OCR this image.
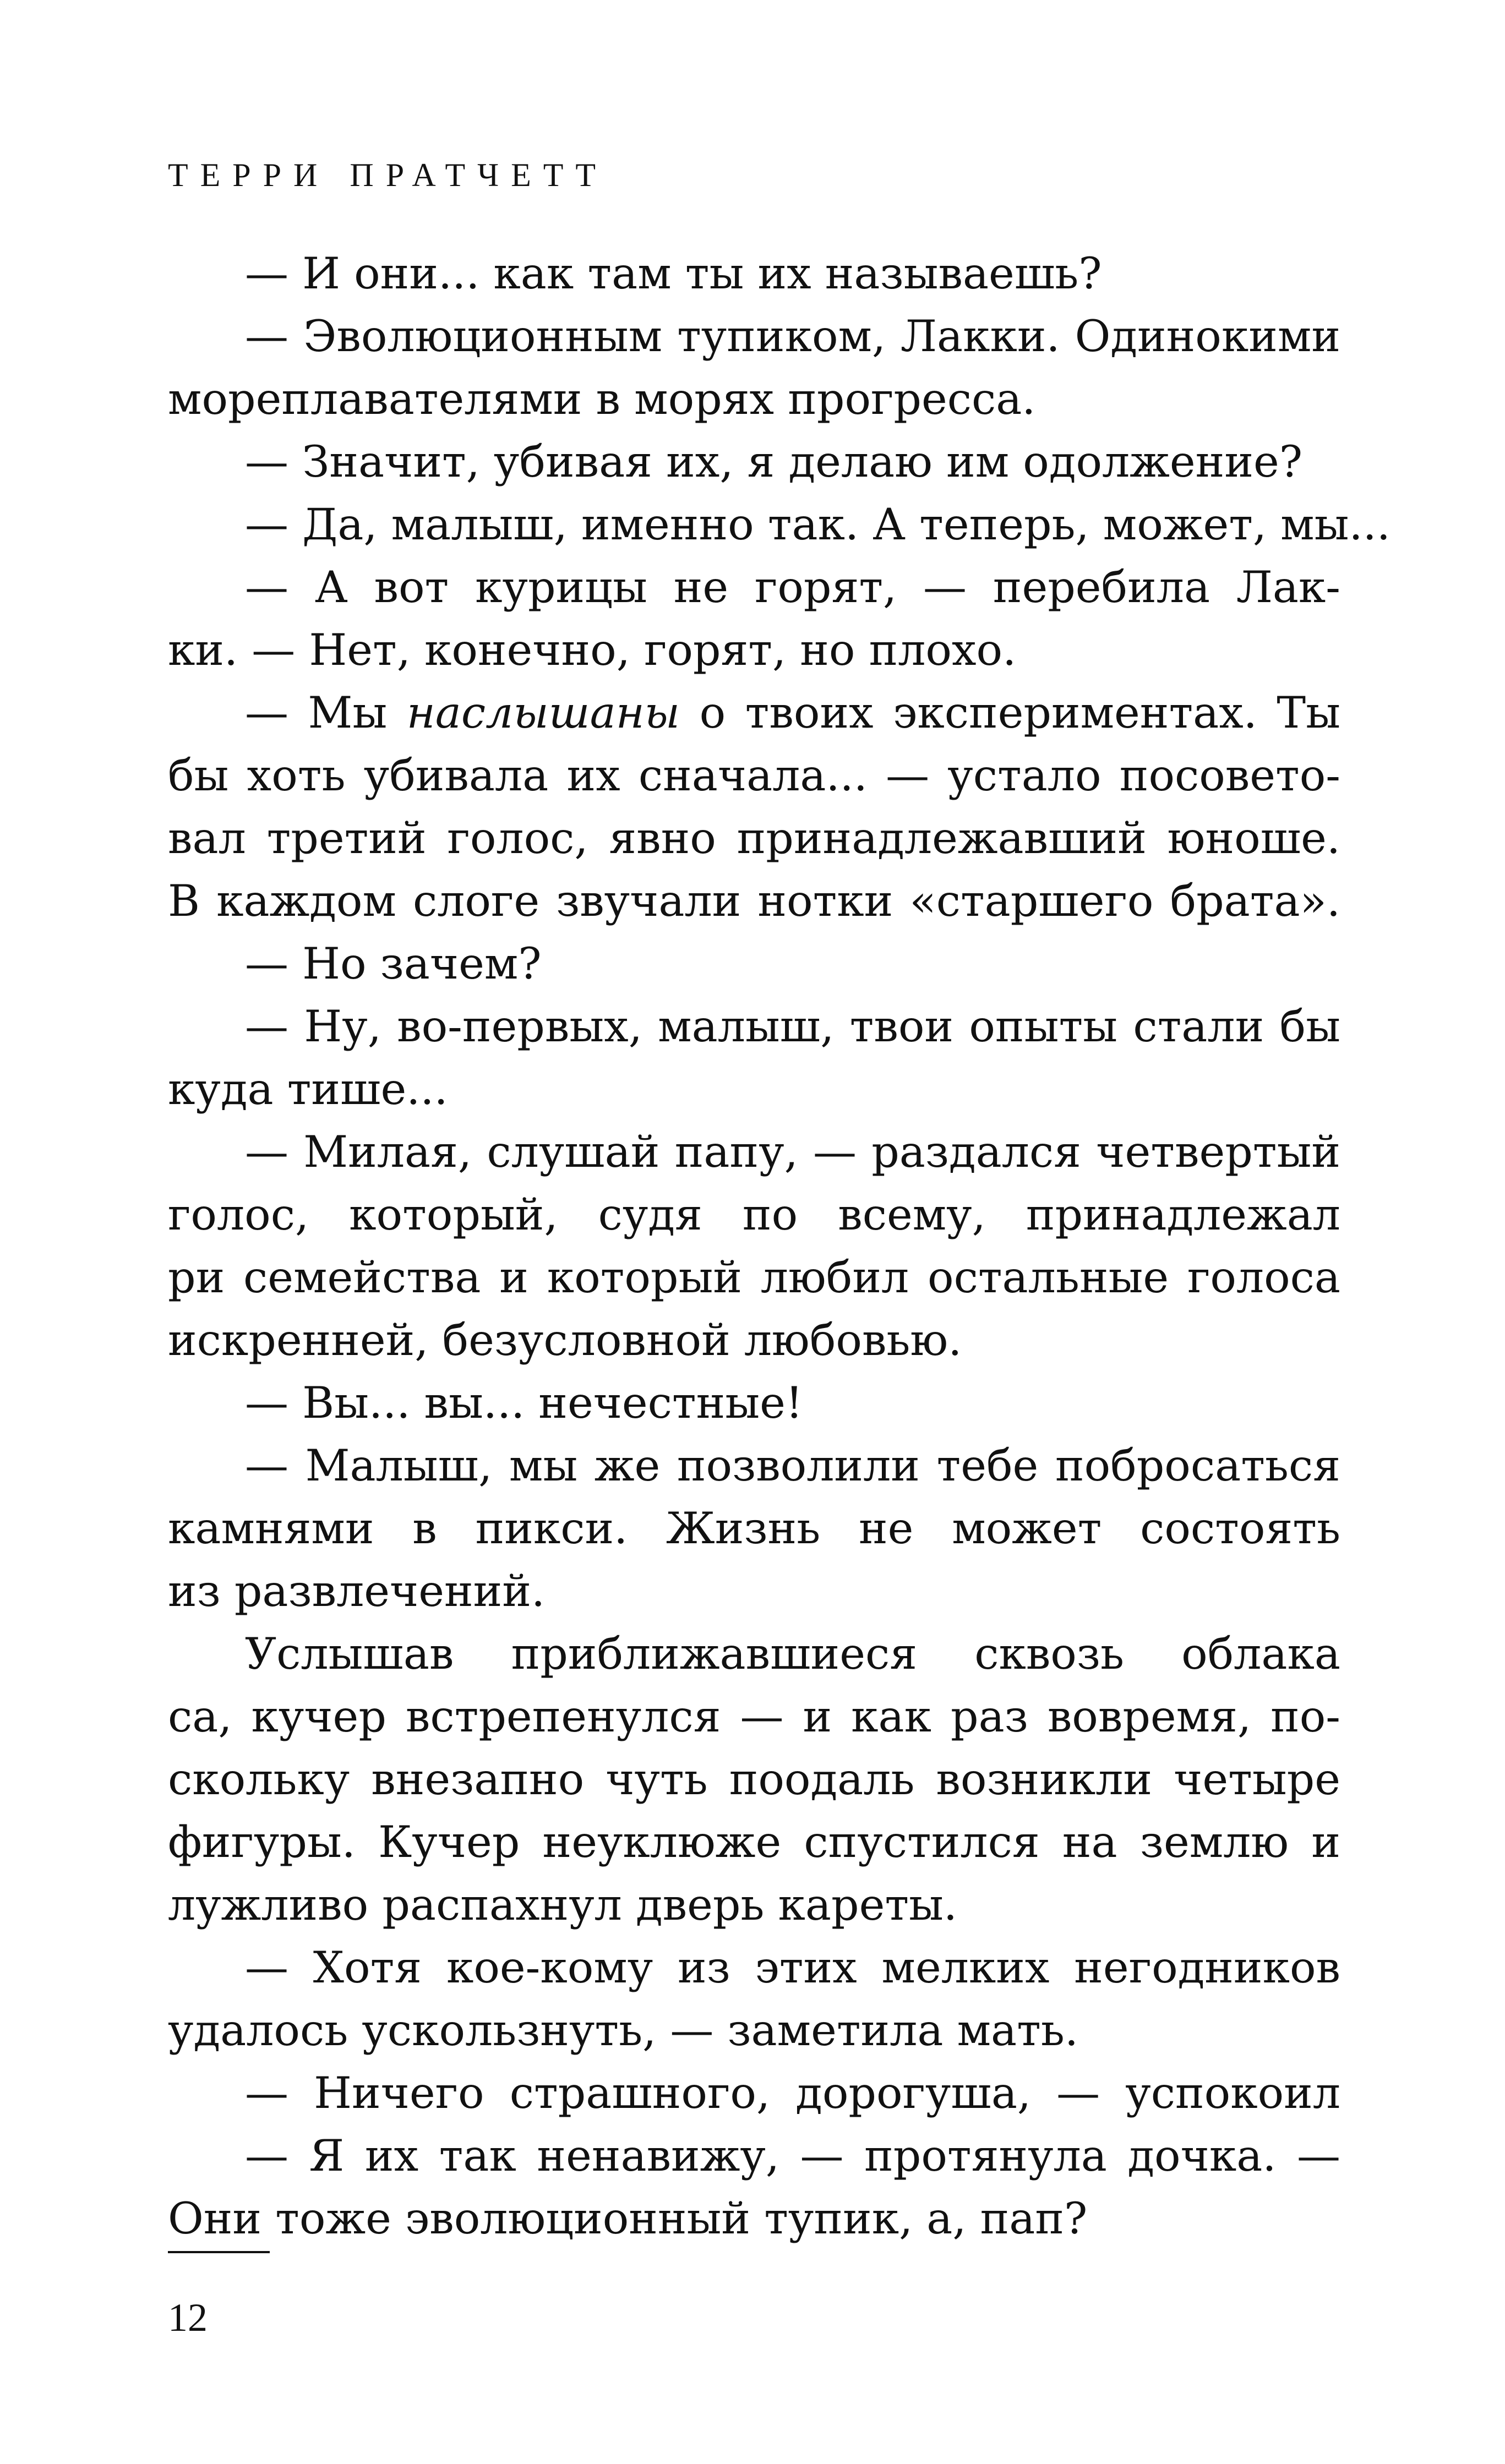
ТЕРРИ ПРАТЧЕТТ
— И они... как там ты их называешь?
— Эволюционным тупиком, Лакки. Одинокими
мореплавателями в морях прогресса.
— Значит, убивая их, я делаю им одолжение?
— Да, малыш, именно так. А теперь, может, мы...
— А вот курицы не горят, — перебила Лак-
ки. — Нет, конечно, горят, но плохо.
— Мы наслышаны о твоих экспериментах. Ты
бы хоть убивала их сначала... — устало посовето-
вал третий голос, явно принадлежавший юноше.
В каждом слоге звучали нотки «старшего брата».
— Но зачем?
— Ну, во-первых, малыш, твои опыты стали бы
куда тише...
— Милая, слушай папу, — раздался четвертый
голос, который, судя по всему, принадлежал
ри семейства и который любил остальные голоса
искренней, безусловной любовью.
— Вы... вы... нечестные!
— Малыш, мы же позволили тебе побросаться
камнями в пикси. Жизнь не может состоять
из развлечений.
Услышав приближавшиеся сквозь облака
са, кучер встрепенулся — и как раз вовремя, по-
скольку внезапно чуть поодаль возникли четыре
фигуры. Кучер неуклюже спустился на землю и
лужливо распахнул дверь кареты.
— Хотя кое-кому из этих мелких негодников
удалось ускользнуть, — заметила мать.
— Ничего страшного, дорогуша, — успокоил
— Я их так ненавижу, — протянула дочка. —
Они тоже эволюционный тупик, а, пап?
12
